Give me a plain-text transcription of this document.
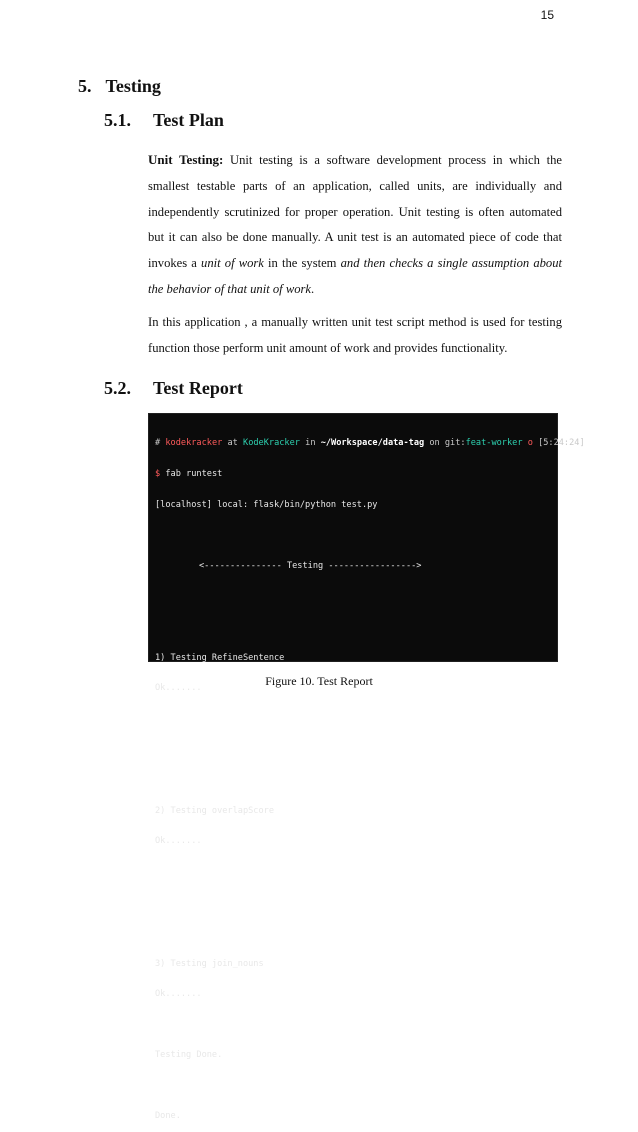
15
5. Testing
5.1. Test Plan

Unit Testing: Unit testing is a software development process in which the smallest testable parts of an application, called units, are individually and independently scrutinized for proper operation. Unit testing is often automated but it can also be done manually. A unit test is an automated piece of code that invokes a unit of work in the system and then checks a single assumption about the behavior of that unit of work.

In this application , a manually written unit test script method is used for testing function those perform unit amount of work and provides functionality.

5.2. Test Report

# kodekracker at KodeKracker in ~/Workspace/data-tag on git:feat-worker o [5:24:24]

$ fab runtest

[localhost] local: flask/bin/python test.py

<--------------- Testing ----------------->

1) Testing RefineSentence

Ok.......

2) Testing overlapScore

Ok.......

3) Testing join_nouns

Ok.......

Testing Done.

Done.

Figure 10. Test Report
